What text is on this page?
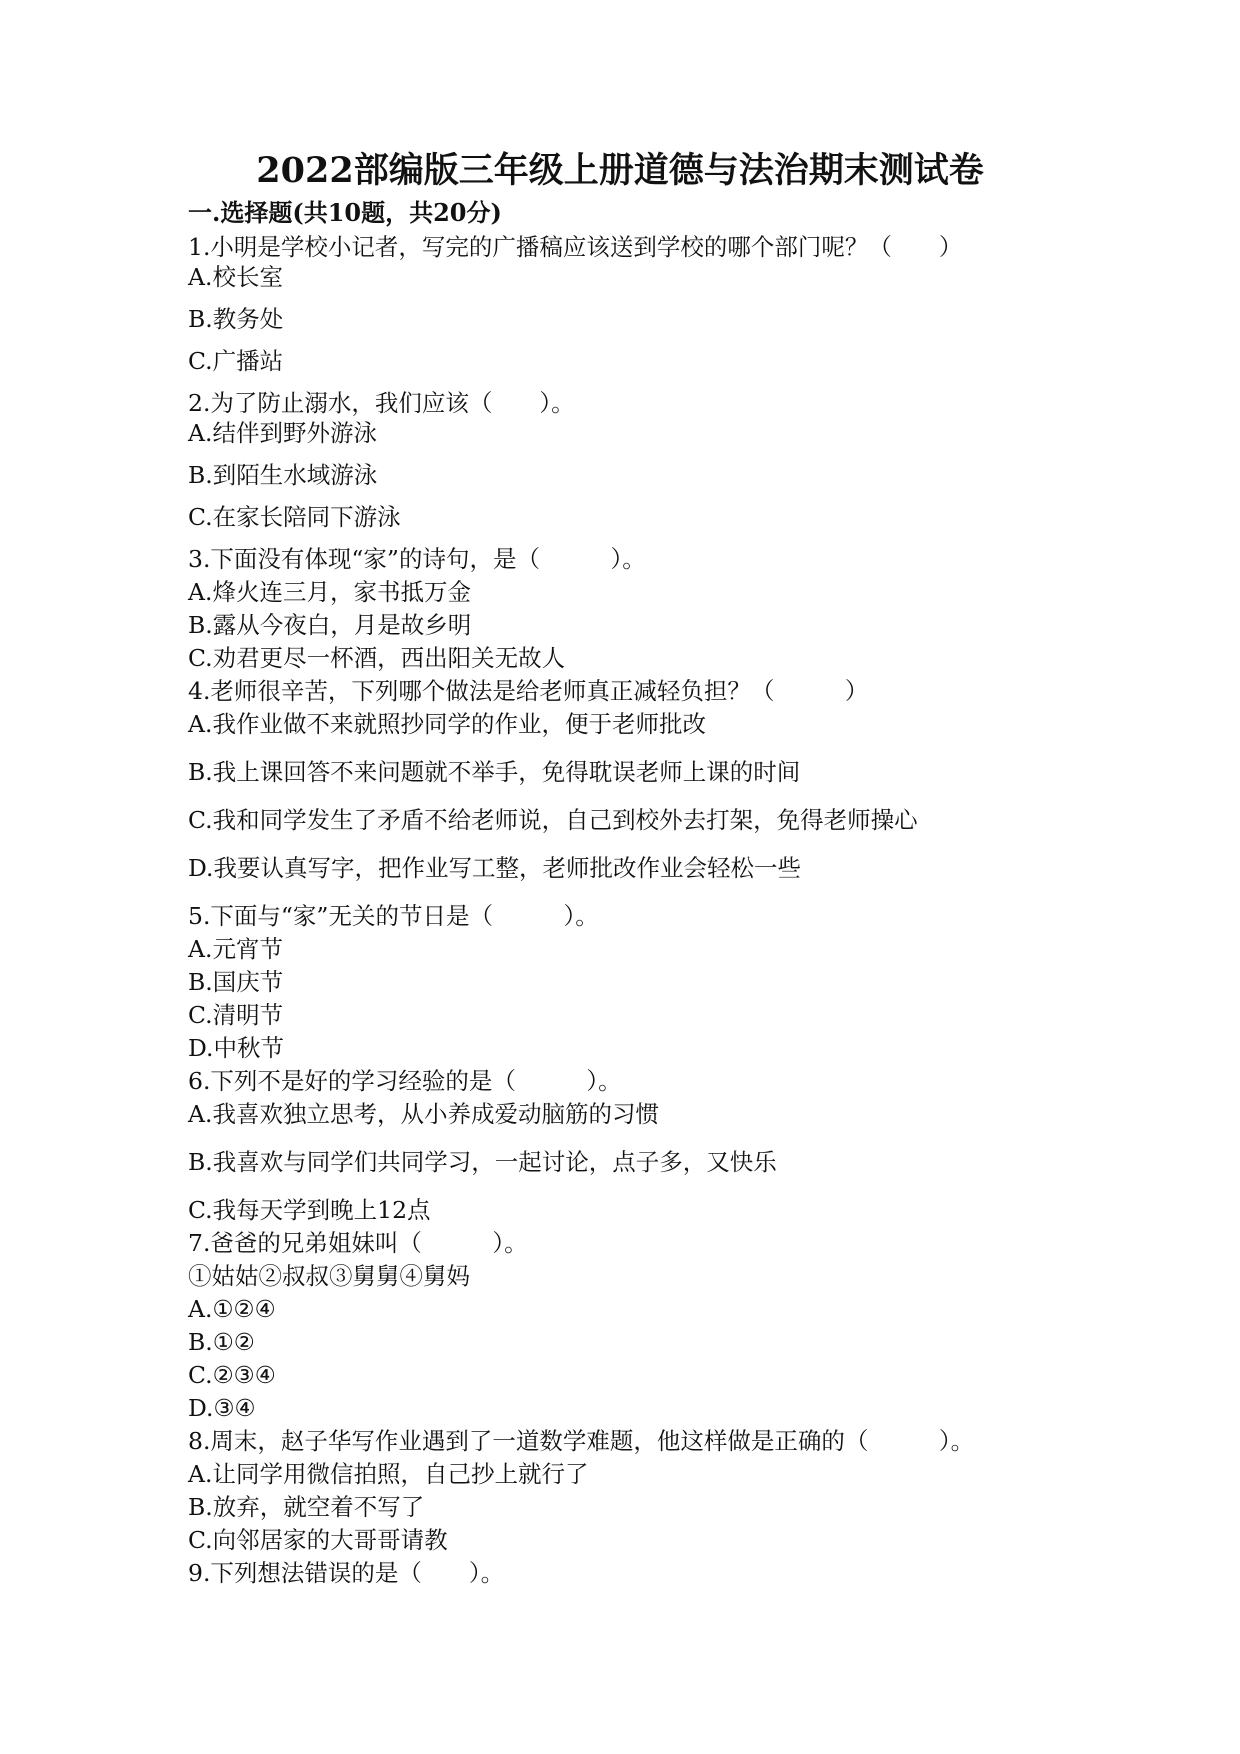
2022部编版三年级上册道德与法治期末测试卷
一.选择题(共10题，共20分)
1.小明是学校小记者，写完的广播稿应该送到学校的哪个部门呢？（　　）
A.校长室
B.教务处
C.广播站
2.为了防止溺水，我们应该（　　）。
A.结伴到野外游泳
B.到陌生水域游泳
C.在家长陪同下游泳
3.下面没有体现“家”的诗句，是（　　　）。
A.烽火连三月，家书抵万金
B.露从今夜白，月是故乡明
C.劝君更尽一杯酒，西出阳关无故人
4.老师很辛苦，下列哪个做法是给老师真正减轻负担？（　　　）
A.我作业做不来就照抄同学的作业，便于老师批改
B.我上课回答不来问题就不举手，免得耽误老师上课的时间
C.我和同学发生了矛盾不给老师说，自己到校外去打架，免得老师操心
D.我要认真写字，把作业写工整，老师批改作业会轻松一些
5.下面与“家”无关的节日是（　　　）。
A.元宵节
B.国庆节
C.清明节
D.中秋节
6.下列不是好的学习经验的是（　　　）。
A.我喜欢独立思考，从小养成爱动脑筋的习惯
B.我喜欢与同学们共同学习，一起讨论，点子多，又快乐
C.我每天学到晚上12点
7.爸爸的兄弟姐妹叫（　　　）。
①姑姑②叔叔③舅舅④舅妈
A.①②④
B.①②
C.②③④
D.③④
8.周末，赵子华写作业遇到了一道数学难题，他这样做是正确的（　　　）。
A.让同学用微信拍照，自己抄上就行了
B.放弃，就空着不写了
C.向邻居家的大哥哥请教
9.下列想法错误的是（　　）。
